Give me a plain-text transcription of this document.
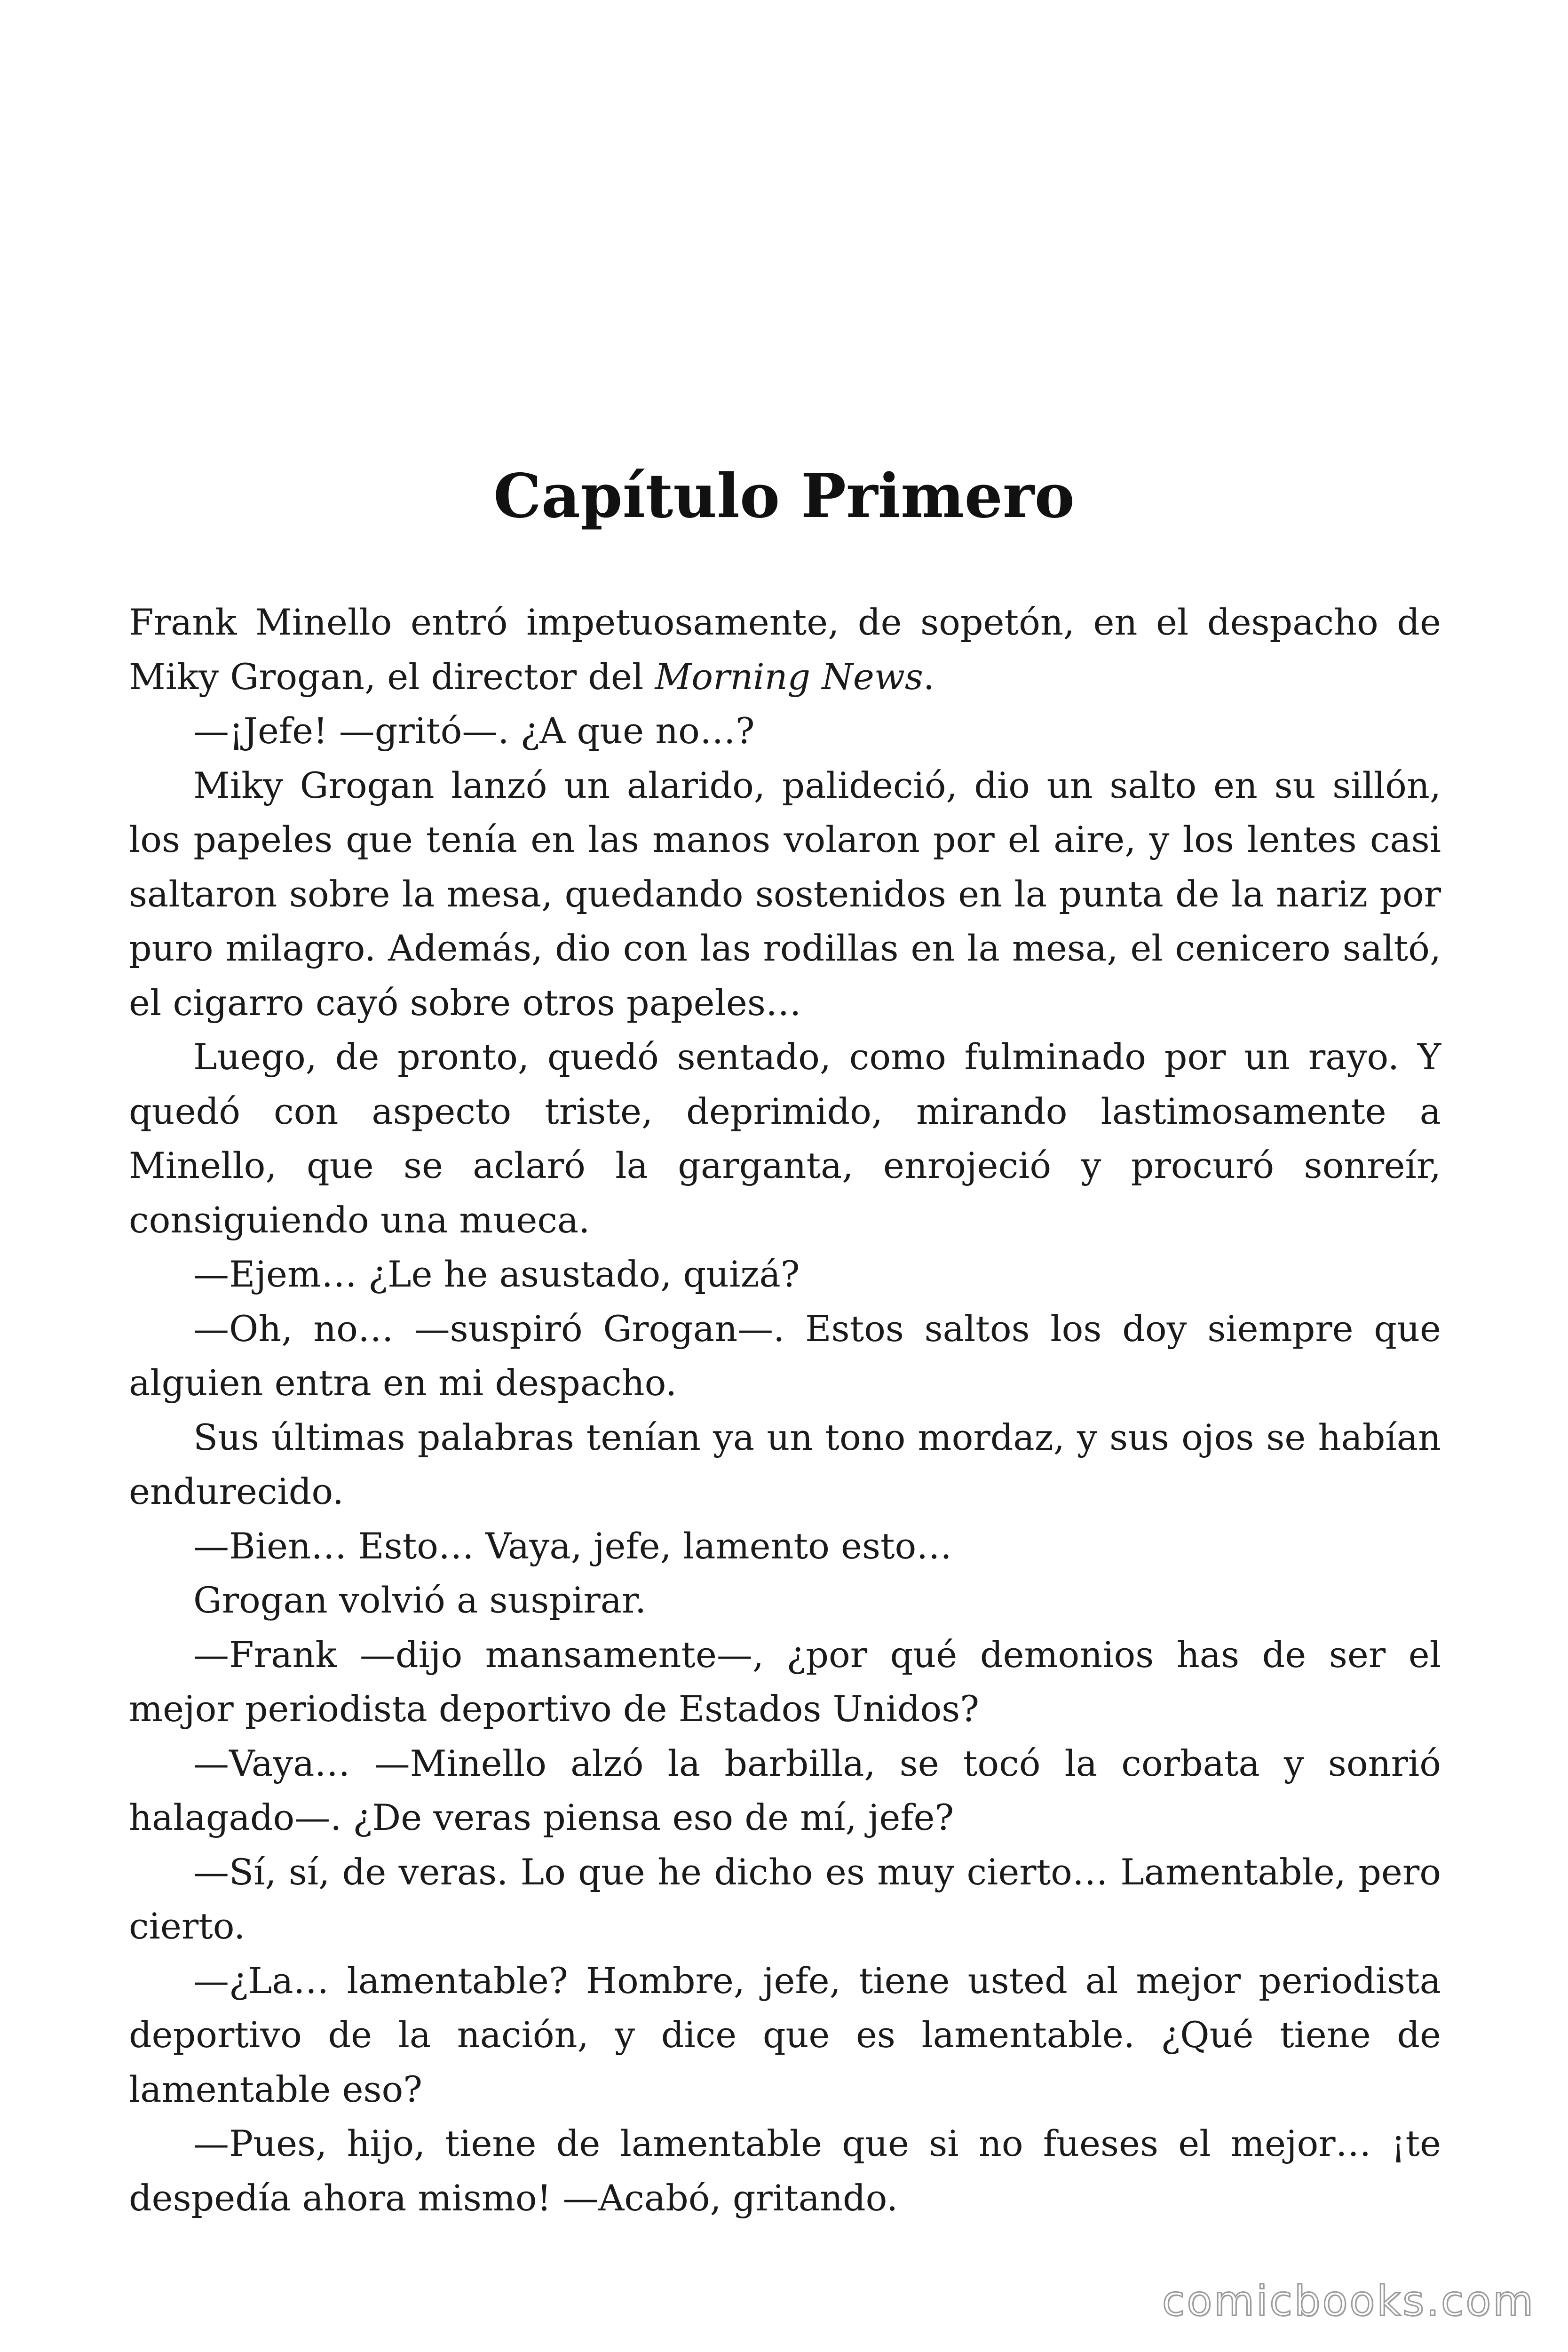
Capítulo Primero

Frank Minello entró impetuosamente, de sopetón, en el despacho de Miky Grogan, el director del Morning News.

—¡Jefe! —gritó—. ¿A que no…?

Miky Grogan lanzó un alarido, palideció, dio un salto en su sillón, los papeles que tenía en las manos volaron por el aire, y los lentes casi saltaron sobre la mesa, quedando sostenidos en la punta de la nariz por puro milagro. Además, dio con las rodillas en la mesa, el cenicero saltó, el cigarro cayó sobre otros papeles…

Luego, de pronto, quedó sentado, como fulminado por un rayo. Y quedó con aspecto triste, deprimido, mirando lastimosamente a Minello, que se aclaró la garganta, enrojeció y procuró sonreír, consiguiendo una mueca.

—Ejem… ¿Le he asustado, quizá?

—Oh, no… —suspiró Grogan—. Estos saltos los doy siempre que alguien entra en mi despacho.

Sus últimas palabras tenían ya un tono mordaz, y sus ojos se habían endurecido.

—Bien… Esto… Vaya, jefe, lamento esto…

Grogan volvió a suspirar.

—Frank —dijo mansamente—, ¿por qué demonios has de ser el mejor periodista deportivo de Estados Unidos?

—Vaya… —Minello alzó la barbilla, se tocó la corbata y sonrió halagado—. ¿De veras piensa eso de mí, jefe?

—Sí, sí, de veras. Lo que he dicho es muy cierto… Lamentable, pero cierto.

—¿La… lamentable? Hombre, jefe, tiene usted al mejor periodista deportivo de la nación, y dice que es lamentable. ¿Qué tiene de lamentable eso?

—Pues, hijo, tiene de lamentable que si no fueses el mejor… ¡te despedía ahora mismo! —Acabó, gritando.

comicbooks.com
